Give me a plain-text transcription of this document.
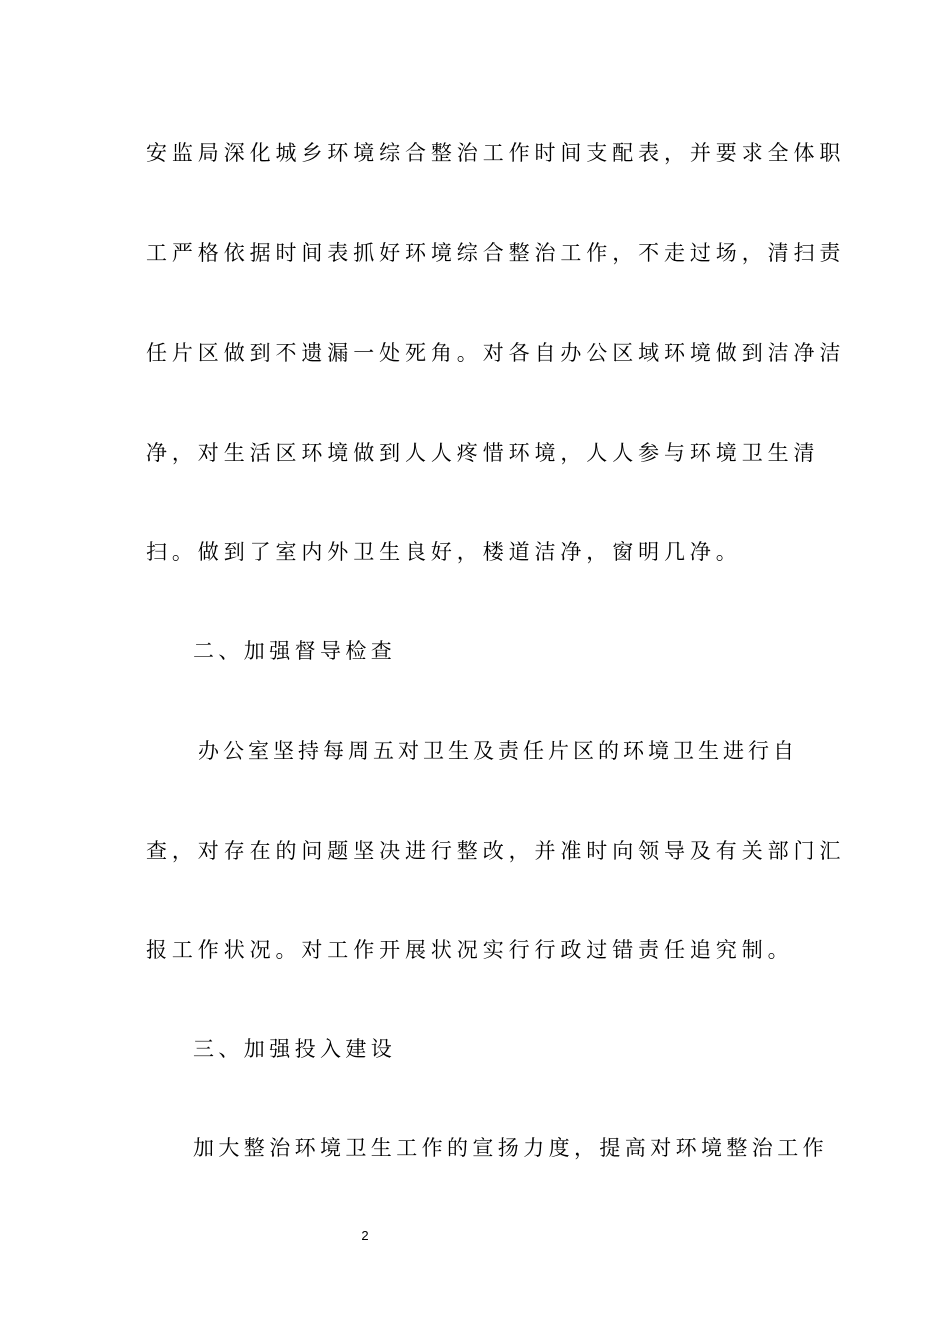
安监局深化城乡环境综合整治工作时间支配表，并要求全体职
工严格依据时间表抓好环境综合整治工作，不走过场，清扫责
任片区做到不遗漏一处死角。对各自办公区域环境做到洁净洁
净，对生活区环境做到人人疼惜环境，人人参与环境卫生清
扫。做到了室内外卫生良好，楼道洁净，窗明几净。
二、加强督导检查
办公室坚持每周五对卫生及责任片区的环境卫生进行自
查，对存在的问题坚决进行整改，并准时向领导及有关部门汇
报工作状况。对工作开展状况实行行政过错责任追究制。
三、加强投入建设
加大整治环境卫生工作的宣扬力度，提高对环境整治工作
2
